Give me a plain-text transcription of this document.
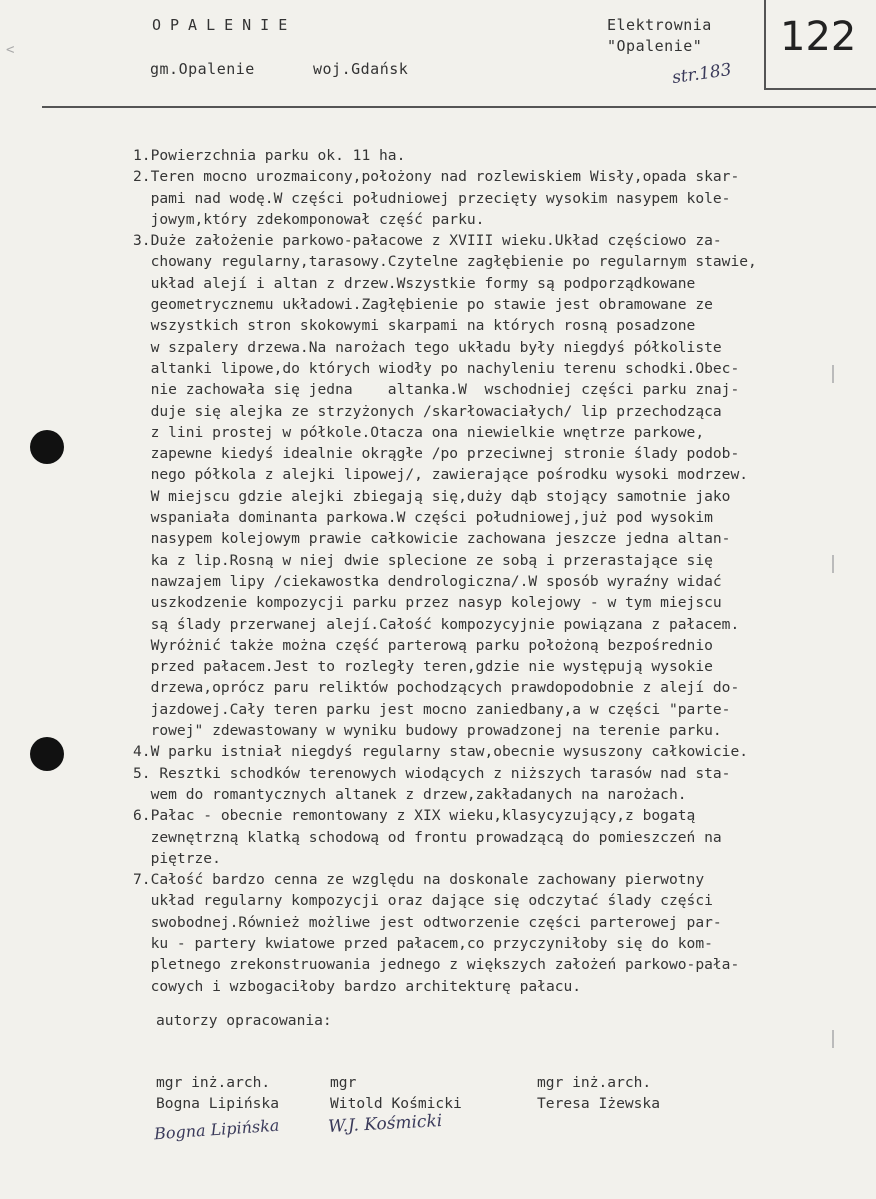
OPALENIE
gm.Opalenie	woj.Gdańsk
Elektrownia
"Opalenie"
str.183
122
<
1.Powierzchnia parku ok. 11 ha.
2.Teren mocno urozmaicony,położony nad rozlewiskiem Wisły,opada skar-
pami nad wodę.W części południowej przecięty wysokim nasypem kole-
jowym,który zdekomponował część parku.
3.Duże założenie parkowo-pałacowe z XVIII wieku.Układ częściowo za-
chowany regularny,tarasowy.Czytelne zagłębienie po regularnym stawie,
układ alejí i altan z drzew.Wszystkie formy są podporządkowane
geometrycznemu układowi.Zagłębienie po stawie jest obramowane ze
wszystkich stron skokowymi skarpami na których rosną posadzone
w szpalery drzewa.Na narożach tego układu były niegdyś półkoliste
altanki lipowe,do których wiodły po nachyleniu terenu schodki.Obec-
nie zachowała się jedna    altanka.W  wschodniej części parku znaj-
duje się alejka ze strzyżonych /skarłowaciałych/ lip przechodząca
z lini prostej w półkole.Otacza ona niewielkie wnętrze parkowe,
zapewne kiedyś idealnie okrągłe /po przeciwnej stronie ślady podob-
nego półkola z alejki lipowej/, zawierające pośrodku wysoki modrzew.
W miejscu gdzie alejki zbiegają się,duży dąb stojący samotnie jako
wspaniała dominanta parkowa.W części południowej,już pod wysokim
nasypem kolejowym prawie całkowicie zachowana jeszcze jedna altan-
ka z lip.Rosną w niej dwie splecione ze sobą i przerastające się
nawzajem lipy /ciekawostka dendrologiczna/.W sposób wyraźny widać
uszkodzenie kompozycji parku przez nasyp kolejowy - w tym miejscu
są ślady przerwanej alejí.Całość kompozycyjnie powiązana z pałacem.
Wyróżnić także można część parterową parku położoną bezpośrednio
przed pałacem.Jest to rozległy teren,gdzie nie występują wysokie
drzewa,oprócz paru reliktów pochodzących prawdopodobnie z alejí do-
jazdowej.Cały teren parku jest mocno zaniedbany,a w części "parte-
rowej" zdewastowany w wyniku budowy prowadzonej na terenie parku.
4.W parku istniał niegdyś regularny staw,obecnie wysuszony całkowicie.
5. Resztki schodków terenowych wiodących z niższych tarasów nad sta-
wem do romantycznych altanek z drzew,zakładanych na narożach.
6.Pałac - obecnie remontowany z XIX wieku,klasycyzujący,z bogatą
zewnętrzną klatką schodową od frontu prowadzącą do pomieszczeń na
piętrze.
7.Całość bardzo cenna ze względu na doskonale zachowany pierwotny
układ regularny kompozycji oraz dające się odczytać ślady części
swobodnej.Również możliwe jest odtworzenie części parterowej par-
ku - partery kwiatowe przed pałacem,co przyczyniłoby się do kom-
pletnego zrekonstruowania jednego z większych założeń parkowo-pała-
cowych i wzbogaciłoby bardzo architekturę pałacu.
autorzy opracowania:
mgr inż.arch.
Bogna Lipińska
Bogna Lipińska
mgr
Witold Kośmicki
W.J. Kośmicki
mgr inż.arch.
Teresa Iżewska
